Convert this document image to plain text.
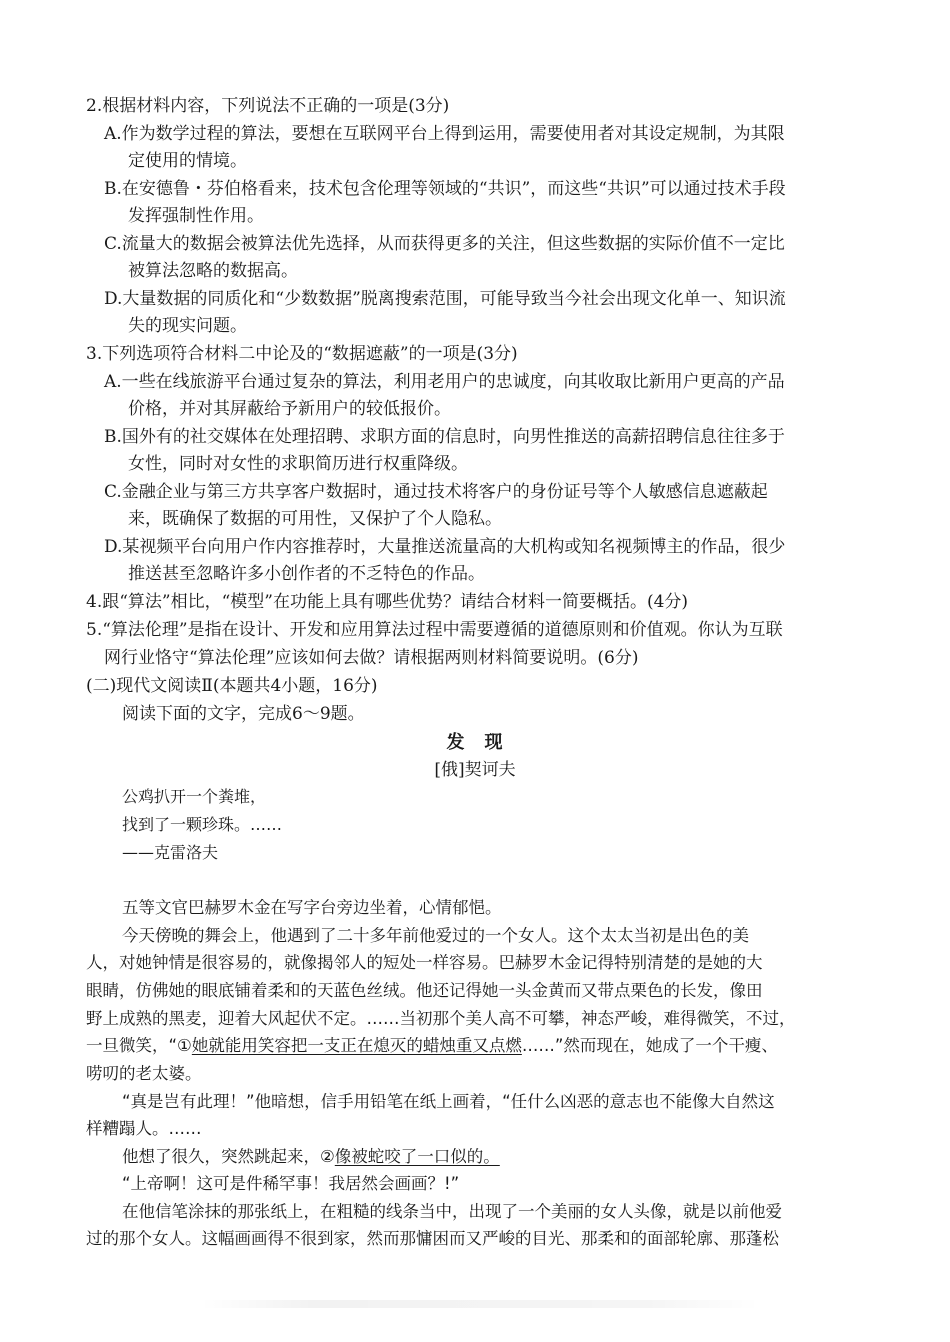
2.根据材料内容，下列说法不正确的一项是(3分)
A.作为数学过程的算法，要想在互联网平台上得到运用，需要使用者对其设定规制，为其限
定使用的情境。
B.在安德鲁・芬伯格看来，技术包含伦理等领域的“共识”，而这些“共识”可以通过技术手段
发挥强制性作用。
C.流量大的数据会被算法优先选择，从而获得更多的关注，但这些数据的实际价值不一定比
被算法忽略的数据高。
D.大量数据的同质化和“少数数据”脱离搜索范围，可能导致当今社会出现文化单一、知识流
失的现实问题。
3.下列选项符合材料二中论及的“数据遮蔽”的一项是(3分)
A.一些在线旅游平台通过复杂的算法，利用老用户的忠诚度，向其收取比新用户更高的产品
价格，并对其屏蔽给予新用户的较低报价。
B.国外有的社交媒体在处理招聘、求职方面的信息时，向男性推送的高薪招聘信息往往多于
女性，同时对女性的求职简历进行权重降级。
C.金融企业与第三方共享客户数据时，通过技术将客户的身份证号等个人敏感信息遮蔽起
来，既确保了数据的可用性，又保护了个人隐私。
D.某视频平台向用户作内容推荐时，大量推送流量高的大机构或知名视频博主的作品，很少
推送甚至忽略许多小创作者的不乏特色的作品。
4.跟“算法”相比，“模型”在功能上具有哪些优势？请结合材料一简要概括。(4分)
5.“算法伦理”是指在设计、开发和应用算法过程中需要遵循的道德原则和价值观。你认为互联
网行业恪守“算法伦理”应该如何去做？请根据两则材料简要说明。(6分)
(二)现代文阅读Ⅱ(本题共4小题，16分)
阅读下面的文字，完成6～9题。
发　现
[俄]契诃夫
公鸡扒开一个粪堆，
找到了一颗珍珠。……
——克雷洛夫
五等文官巴赫罗木金在写字台旁边坐着，心情郁悒。
今天傍晚的舞会上，他遇到了二十多年前他爱过的一个女人。这个太太当初是出色的美
人，对她钟情是很容易的，就像揭邻人的短处一样容易。巴赫罗木金记得特别清楚的是她的大
眼睛，仿佛她的眼底铺着柔和的天蓝色丝绒。他还记得她一头金黄而又带点栗色的长发，像田
野上成熟的黑麦，迎着大风起伏不定。……当初那个美人高不可攀，神态严峻，难得微笑，不过，
一旦微笑，“①她就能用笑容把一支正在熄灭的蜡烛重又点燃……”然而现在，她成了一个干瘦、
唠叨的老太婆。
“真是岂有此理！”他暗想，信手用铅笔在纸上画着，“任什么凶恶的意志也不能像大自然这
样糟蹋人。……
他想了很久，突然跳起来，②像被蛇咬了一口似的。
“上帝啊！这可是件稀罕事！我居然会画画？!”
在他信笔涂抹的那张纸上，在粗糙的线条当中，出现了一个美丽的女人头像，就是以前他爱
过的那个女人。这幅画画得不很到家，然而那慵困而又严峻的目光、那柔和的面部轮廓、那蓬松
